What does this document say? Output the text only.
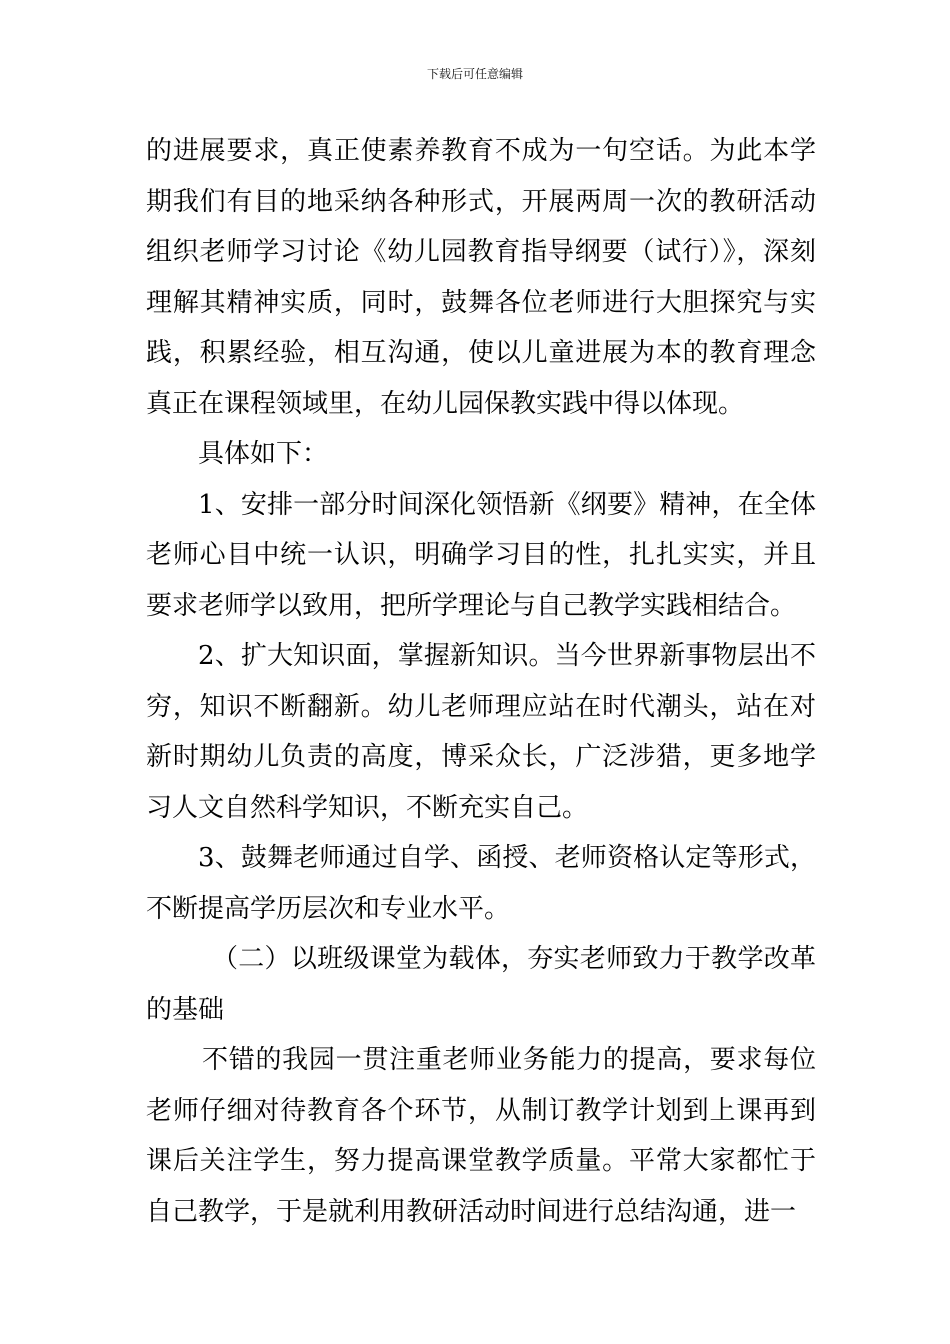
下载后可任意编辑

的进展要求，真正使素养教育不成为一句空话。为此本学期我们有目的地采纳各种形式，开展两周一次的教研活动组织老师学习讨论《幼儿园教育指导纲要（试行）》，深刻理解其精神实质，同时，鼓舞各位老师进行大胆探究与实践，积累经验，相互沟通，使以儿童进展为本的教育理念真正在课程领域里，在幼儿园保教实践中得以体现。

具体如下：

1、安排一部分时间深化领悟新《纲要》精神，在全体老师心目中统一认识，明确学习目的性，扎扎实实，并且要求老师学以致用，把所学理论与自己教学实践相结合。

2、扩大知识面，掌握新知识。当今世界新事物层出不穷，知识不断翻新。幼儿老师理应站在时代潮头，站在对新时期幼儿负责的高度，博采众长，广泛涉猎，更多地学习人文自然科学知识，不断充实自己。

3、鼓舞老师通过自学、函授、老师资格认定等形式，不断提高学历层次和专业水平。

（二）以班级课堂为载体，夯实老师致力于教学改革的基础

不错的我园一贯注重老师业务能力的提高，要求每位老师仔细对待教育各个环节，从制订教学计划到上课再到课后关注学生，努力提高课堂教学质量。平常大家都忙于自己教学，于是就利用教研活动时间进行总结沟通，进一
